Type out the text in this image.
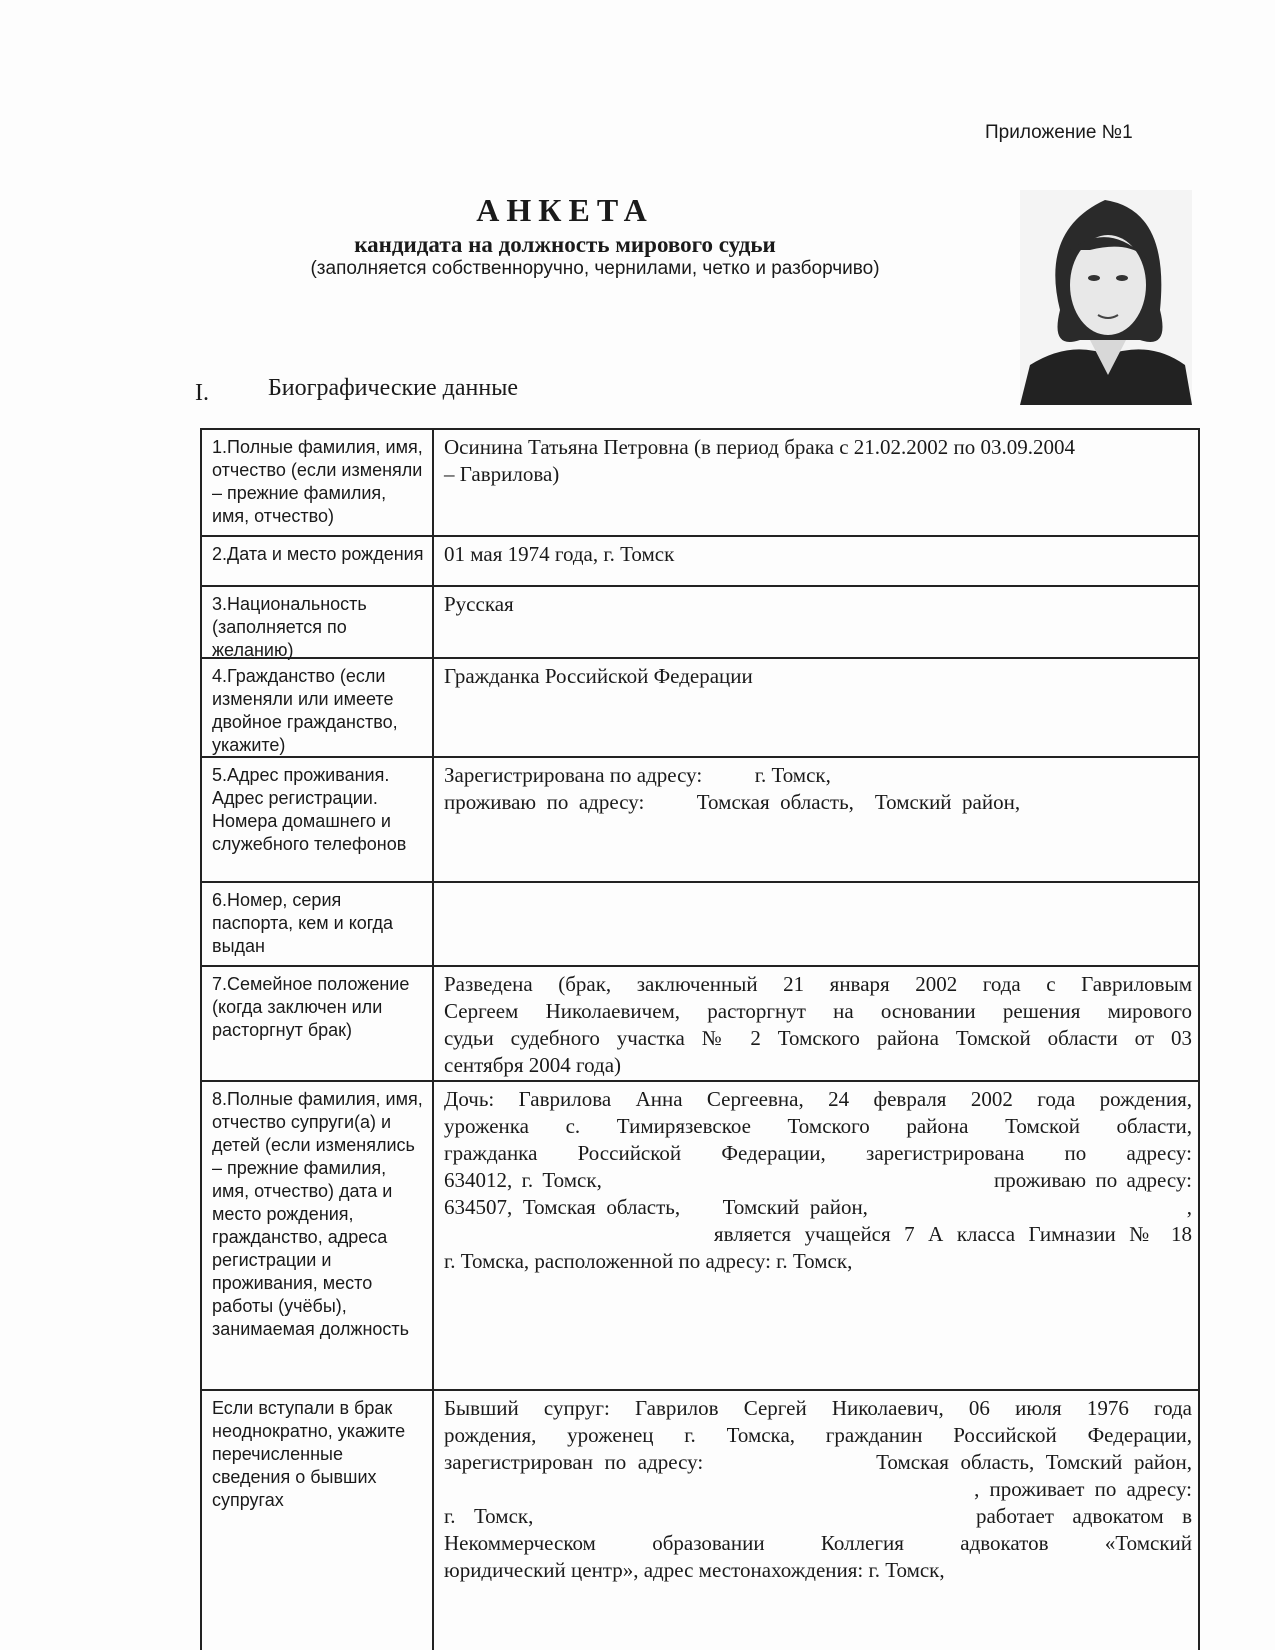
Приложение №1
АНКЕТА
кандидата на должность мирового судьи
(заполняется собственноручно, чернилами, четко и разборчиво)
I. Биографические данные
1.Полные фамилия, имя, отчество (если изменяли – прежние фамилия, имя, отчество)
Осинина Татьяна Петровна (в период брака с 21.02.2002 по 03.09.2004
– Гаврилова)
2.Дата и место рождения 01 мая 1974 года, г. Томск
3.Национальность (заполняется по желанию)
Русская
4.Гражданство (если изменяли или имеете двойное гражданство, укажите)
Гражданка Российской Федерации
5.Адрес проживания. Адрес регистрации. Номера домашнего и служебного телефонов
Зарегистрирована по адресу:          г. Томск,
проживаю  по  адресу:          Томская  область,    Томский  район,
6.Номер, серия паспорта, кем и когда выдан
7.Семейное положение (когда заключен или расторгнут брак)
Разведена (брак, заключенный 21 января 2002 года с Гавриловым
Сергеем Николаевичем, расторгнут на основании решения мирового
судьи судебного участка № 2 Томского района Томской области от 03
сентября 2004 года)
8.Полные фамилия, имя, отчество супруги(а) и детей (если изменялись – прежние фамилия, имя, отчество) дата и место рождения, гражданство, адреса регистрации и проживания, место работы (учёбы), занимаемая должность
Дочь: Гаврилова Анна Сергеевна, 24 февраля 2002 года рождения,
уроженка с. Тимирязевское Томского района Томской области,
гражданка Российской Федерации, зарегистрирована по адресу:
634012, г. Томск,                                          проживаю по адресу:
634507, Томская область,    Томский район,                              ,
является учащейся 7 А класса Гимназии № 18
г. Томска, расположенной по адресу: г. Томск,
Если вступали в брак неоднократно, укажите перечисленные сведения о бывших супругах
Бывший супруг: Гаврилов Сергей Николаевич, 06 июля 1976 года
рождения, уроженец г. Томска, гражданин Российской Федерации,
зарегистрирован по адресу:               Томская область, Томский район,
, проживает по адресу:
г.  Томск,                                                работает  адвокатом  в
Некоммерческом  образовании  Коллегия  адвокатов  «Томский
юридический центр», адрес местонахождения: г. Томск,
